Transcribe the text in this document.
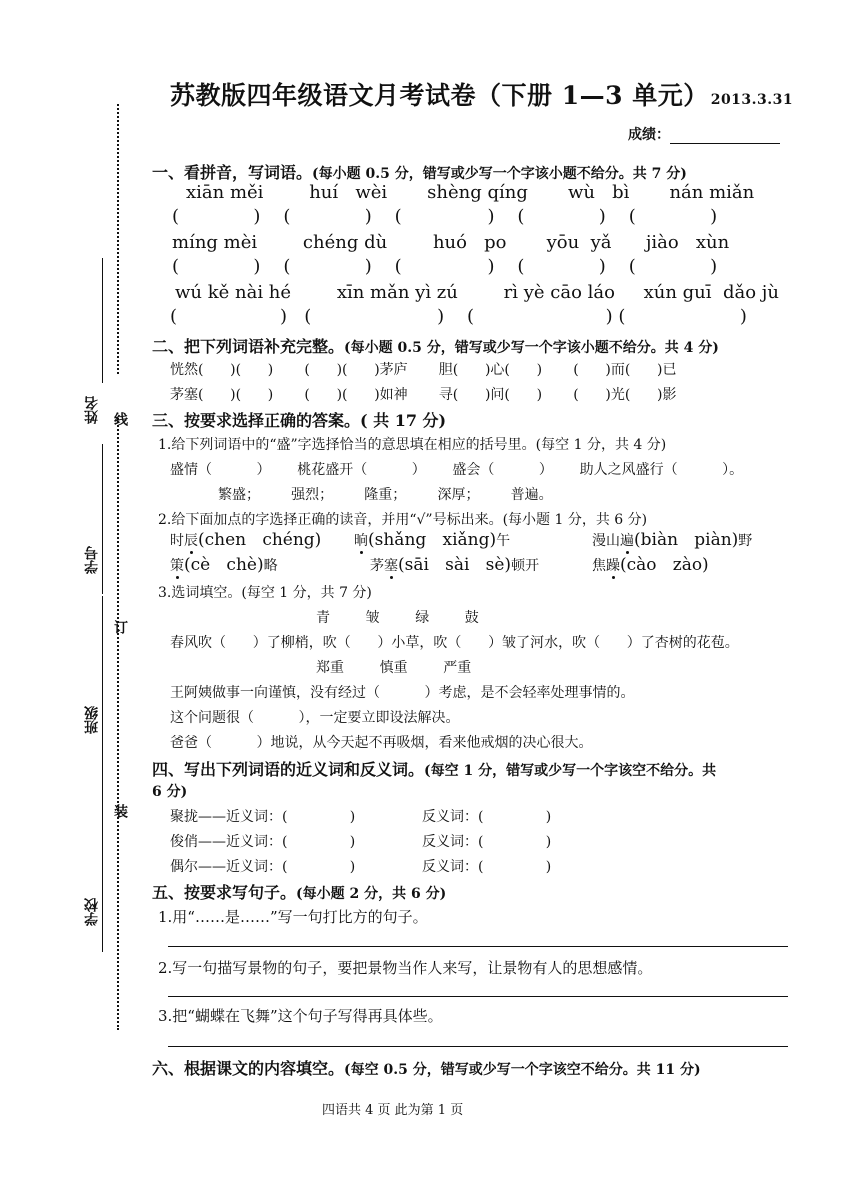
苏教版四年级语文月考试卷（下册 1—3 单元） 2013.3.31
成绩：
姓名
学号
班级
学校
线
订
装
一、看拼音，写词语。(每小题 0.5 分，错写或少写一个字该小题不给分。共 7 分)
xiān měi        huí   wèi       shèng qíng       wù   bì       nán miǎn
(             )    (             )    (               )    (             )    (             )
míng mèi        chéng dù        huó   po       yōu  yǎ      jiào   xùn
(             )    (             )    (               )    (             )    (             )
wú kě nài hé        xīn mǎn yì zú        rì yè cāo láo     xún guī  dǎo jù
(                  )   (                      )    (                       ) (                    )
二、把下列词语补充完整。(每小题 0.5 分，错写或少写一个字该小题不给分。共 4 分)
恍然(      )(      )       (      )(      )茅庐       胆(      )心(      )       (      )而(      )已
茅塞(      )(      )       (      )(      )如神       寻(      )问(      )       (      )光(      )影
三、按要求选择正确的答案。( 共 17 分)
1.给下列词语中的“盛”字选择恰当的意思填在相应的括号里。(每空 1 分，共 4 分)
盛情（          ）      桃花盛开（          ）      盛会（          ）      助人之风盛行（          ）。
繁盛；       强烈；       隆重；       深厚；       普遍。
2.给下面加点的字选择正确的读音，并用“√”号标出来。(每小题 1 分，共 6 分)
时辰(chen   chéng) 晌(shǎng   xiǎng)午	漫山遍(biàn   piàn)野
策(cè   chè)略	茅塞(sāi   sài   sè)顿开	焦躁(cào   zào)
3.选词填空。(每空 1 分，共 7 分)
青        皱        绿        鼓
春风吹（      ）了柳梢，吹（      ）小草，吹（      ）皱了河水，吹（      ）了杏树的花苞。
郑重        慎重        严重
王阿姨做事一向谨慎，没有经过（          ）考虑，是不会轻率处理事情的。
这个问题很（          ），一定要立即设法解决。
爸爸（          ）地说，从今天起不再吸烟，看来他戒烟的决心很大。
四、写出下列词语的近义词和反义词。(每空 1 分，错写或少写一个字该空不给分。共
6 分)
聚拢——近义词：(              )               反义词：(              )
俊俏——近义词：(              )               反义词：(              )
偶尔——近义词：(              )               反义词：(              )
五、按要求写句子。(每小题 2 分，共 6 分)
1.用“……是……”写一句打比方的句子。
2.写一句描写景物的句子，要把景物当作人来写，让景物有人的思想感情。
3.把“蝴蝶在飞舞”这个句子写得再具体些。
六、根据课文的内容填空。(每空 0.5 分，错写或少写一个字该空不给分。共 11 分)
四语共 4 页 此为第 1 页
